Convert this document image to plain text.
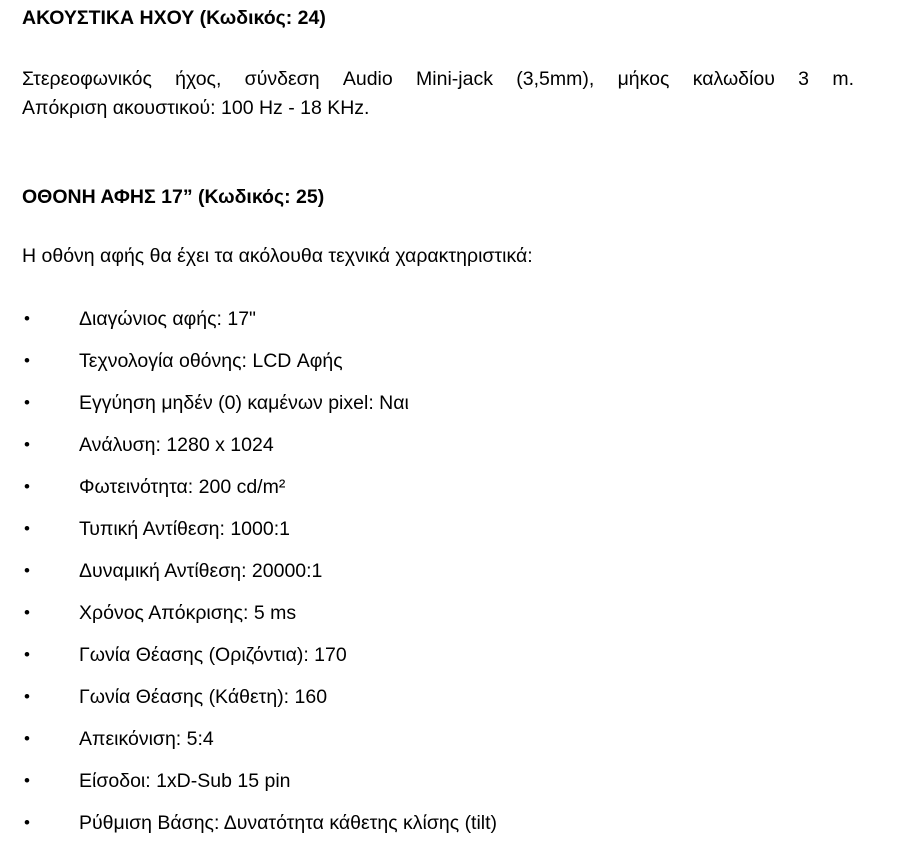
ΑΚΟΥΣΤΙΚΑ ΗΧΟΥ (Κωδικός: 24)
Στερεοφωνικός ήχος, σύνδεση Audio Mini-jack (3,5mm), μήκος καλωδίου 3 m.
Απόκριση ακουστικού: 100 Hz - 18 KHz.
ΟΘΟΝΗ ΑΦΗΣ 17” (Κωδικός: 25)
Η οθόνη αφής θα έχει τα ακόλουθα τεχνικά χαρακτηριστικά:
•	Διαγώνιος αφής: 17"
•	Τεχνολογία οθόνης: LCD Αφής
•	Εγγύηση μηδέν (0) καμένων pixel: Ναι
•	Ανάλυση: 1280 x 1024
•	Φωτεινότητα: 200 cd/m²
•	Τυπική Αντίθεση: 1000:1
•	Δυναμική Αντίθεση: 20000:1
•	Χρόνος Απόκρισης: 5 ms
•	Γωνία Θέασης (Οριζόντια): 170
•	Γωνία Θέασης (Κάθετη): 160
•	Απεικόνιση: 5:4
•	Είσοδοι: 1xD-Sub 15 pin
•	Ρύθμιση Βάσης: Δυνατότητα κάθετης κλίσης (tilt)
